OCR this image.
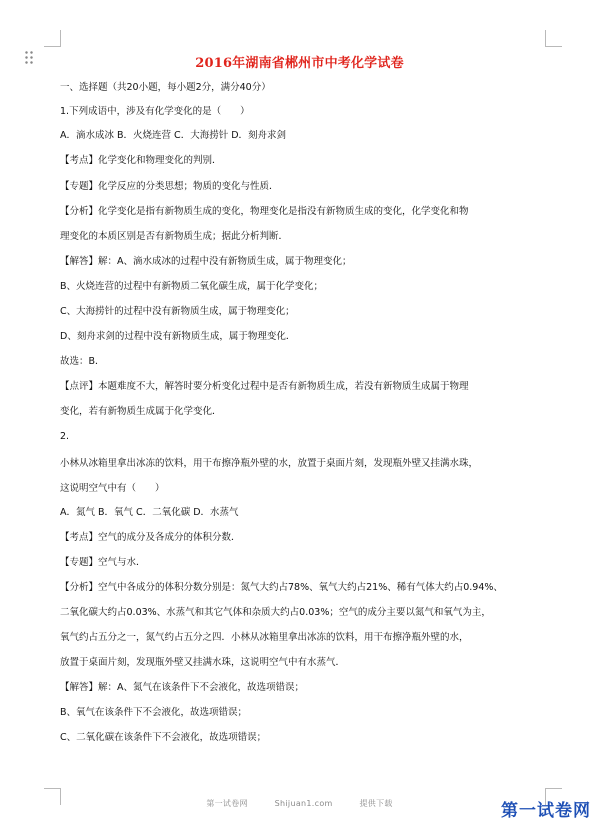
2016年湖南省郴州市中考化学试卷

一、选择题（共20小题，每小题2分，满分40分）

1.下列成语中，涉及有化学变化的是（　　）

A．滴水成冰 B．火烧连营 C．大海捞针 D．刻舟求剑

【考点】化学变化和物理变化的判别．

【专题】化学反应的分类思想；物质的变化与性质．

【分析】化学变化是指有新物质生成的变化，物理变化是指没有新物质生成的变化，化学变化和物

理变化的本质区别是否有新物质生成；据此分析判断．

【解答】解：A、滴水成冰的过程中没有新物质生成，属于物理变化；

B、火烧连营的过程中有新物质二氧化碳生成，属于化学变化；

C、大海捞针的过程中没有新物质生成，属于物理变化；

D、刻舟求剑的过程中没有新物质生成，属于物理变化．

故选：B．

【点评】本题难度不大，解答时要分析变化过程中是否有新物质生成，若没有新物质生成属于物理

变化，若有新物质生成属于化学变化．

2.

小林从冰箱里拿出冰冻的饮料，用干布擦净瓶外壁的水，放置于桌面片刻，发现瓶外壁又挂满水珠，

这说明空气中有（　　）

A．氮气 B．氧气 C．二氧化碳 D．水蒸气

【考点】空气的成分及各成分的体积分数．

【专题】空气与水．

【分析】空气中各成分的体积分数分别是：氮气大约占78%、氧气大约占21%、稀有气体大约占0.94%、

二氧化碳大约占0.03%、水蒸气和其它气体和杂质大约占0.03%；空气的成分主要以氮气和氧气为主，

氧气约占五分之一，氮气约占五分之四．小林从冰箱里拿出冰冻的饮料，用干布擦净瓶外壁的水，

放置于桌面片刻，发现瓶外壁又挂满水珠，这说明空气中有水蒸气．

【解答】解：A、氮气在该条件下不会液化，故选项错误；

B、氧气在该条件下不会液化，故选项错误；

C、二氧化碳在该条件下不会液化，故选项错误；

第一试卷网	Shijuan1.com	提供下载	第一试卷网
